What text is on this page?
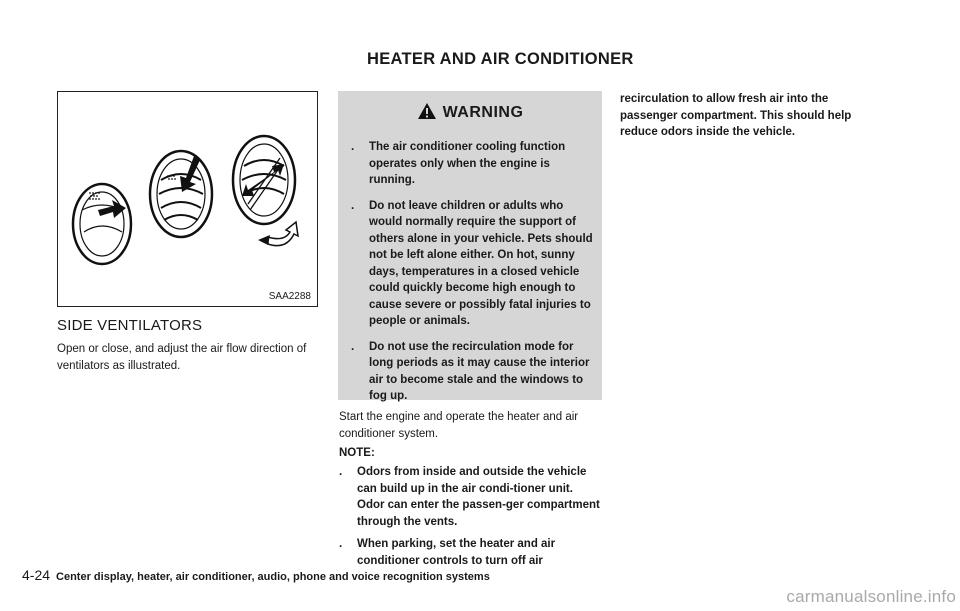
HEATER AND AIR CONDITIONER
SAA2288
SIDE VENTILATORS

Open or close, and adjust the air flow direction of ventilators as illustrated.

WARNING
. The air conditioner cooling function operates only when the engine is running.
. Do not leave children or adults who would normally require the support of others alone in your vehicle. Pets should not be left alone either. On hot, sunny days, temperatures in a closed vehicle could quickly become high enough to cause severe or possibly fatal injuries to people or animals.
. Do not use the recirculation mode for long periods as it may cause the interior air to become stale and the windows to fog up.

Start the engine and operate the heater and air conditioner system.

NOTE:
. Odors from inside and outside the vehicle can build up in the air condi-tioner unit. Odor can enter the passen-ger compartment through the vents.
. When parking, set the heater and air conditioner controls to turn off air

recirculation to allow fresh air into the passenger compartment. This should help reduce odors inside the vehicle.

4-24 Center display, heater, air conditioner, audio, phone and voice recognition systems
carmanualsonline.info
